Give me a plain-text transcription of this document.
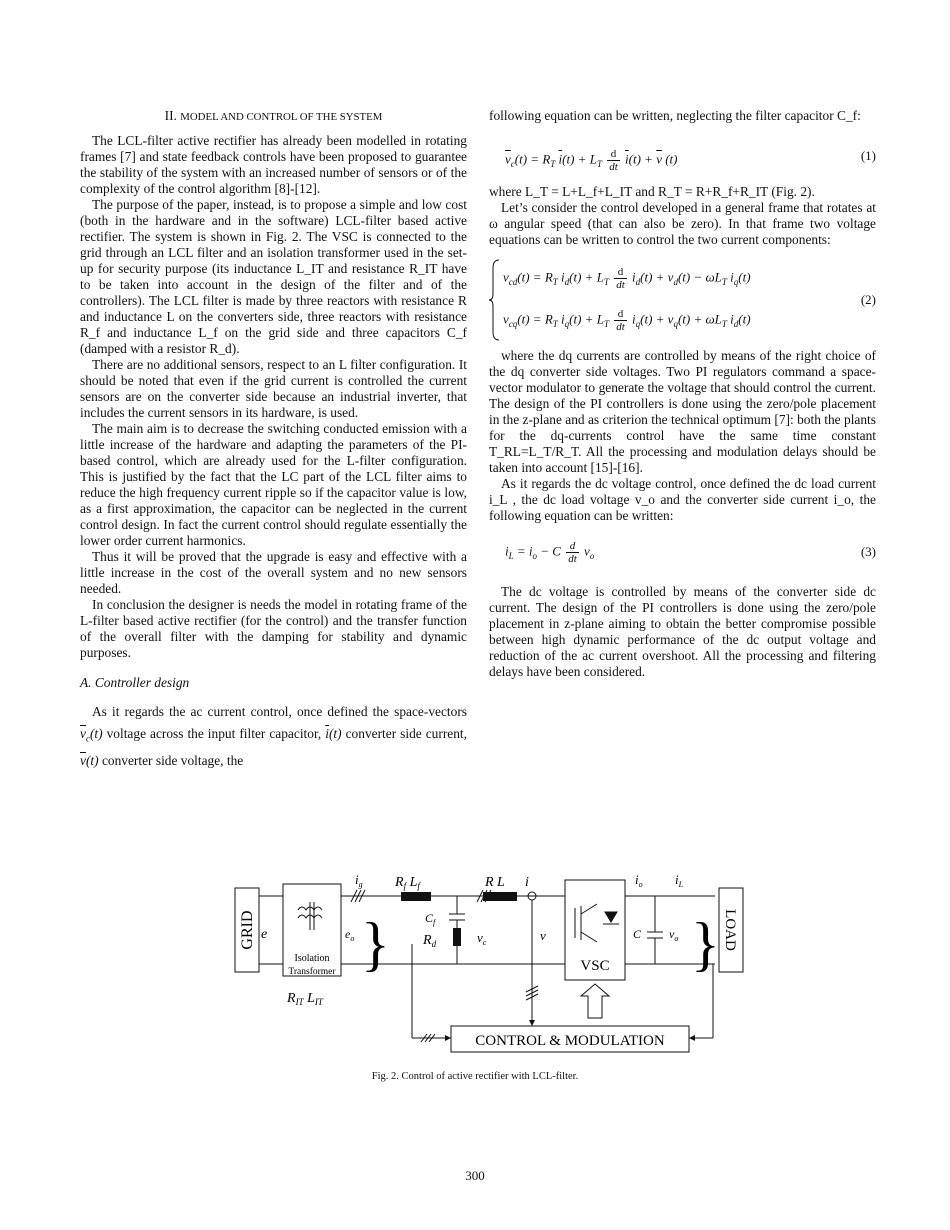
II. MODEL AND CONTROL OF THE SYSTEM

The LCL-filter active rectifier has already been modelled in rotating frames [7] and state feedback controls have been proposed to guarantee the stability of the system with an increased number of sensors or of the complexity of the control algorithm [8]-[12].

The purpose of the paper, instead, is to propose a simple and low cost (both in the hardware and in the software) LCL-filter based active rectifier. The system is shown in Fig. 2. The VSC is connected to the grid through an LCL filter and an isolation transformer used in the set-up for security purpose (its inductance L_IT and resistance R_IT have to be taken into account in the design of the filter and of the controllers). The LCL filter is made by three reactors with resistance R and inductance L on the converters side, three reactors with resistance R_f and inductance L_f on the grid side and three capacitors C_f (damped with a resistor R_d).

There are no additional sensors, respect to an L filter configuration. It should be noted that even if the grid current is controlled the current sensors are on the converter side because an industrial inverter, that includes the current sensors in its hardware, is used.

The main aim is to decrease the switching conducted emission with a little increase of the hardware and adapting the parameters of the PI-based control, which are already used for the L-filter configuration. This is justified by the fact that the LC part of the LCL filter aims to reduce the high frequency current ripple so if the capacitor value is low, as a first approximation, the capacitor can be neglected in the current control design. In fact the current control should regulate essentially the lower order current harmonics.

Thus it will be proved that the upgrade is easy and effective with a little increase in the cost of the overall system and no new sensors needed.

In conclusion the designer is needs the model in rotating frame of the L-filter based active rectifier (for the control) and the transfer function of the overall filter with the damping for stability and dynamic purposes.

A. Controller design

As it regards the ac current control, once defined the space-vectors $\overline{v}_c(t)$ voltage across the input filter capacitor, $\overline{i}(t)$ converter side current, $\overline{v}(t)$ converter side voltage, the

following equation can be written, neglecting the filter capacitor C_f:

$\overline{v}_c(t) = R_T$ $\overline{i}(t) + L_T \frac{d}{dt} \overline{i}(t) + \overline{v}$ (t)	(1)

where L_T = L+L_f+L_IT and R_T = R+R_f+R_IT (Fig. 2).

Let’s consider the control developed in a general frame that rotates at ω angular speed (that can also be zero). In that frame two voltage equations can be written to control the two current components:

$v_{cd}(t) = R_T$ $i_d(t) + L_T \frac{d}{dt} i_d(t) + v_d(t) - \omega L_T$ $i_q(t)$
$v_{cq}(t) = R_T$ $i_q(t) + L_T \frac{d}{dt} i_q(t) + v_q(t) + \omega L_T$ $i_d(t)$
(2)

where the dq currents are controlled by means of the right choice of the dq converter side voltages. Two PI regulators command a space-vector modulator to generate the voltage that should control the current. The design of the PI controllers is done using the zero/pole placement in the z-plane and as criterion the technical optimum [7]: both the plants for the dq-currents control have the same time constant T_RL=L_T/R_T. All the processing and modulation delays should be taken into account [15]-[16].

As it regards the dc voltage control, once defined the dc load current i_L , the dc load voltage v_o and the converter side current i_o, the following equation can be written:

$i_L = i_o - C \frac{d}{dt} v_o$	(3)

The dc voltage is controlled by means of the converter side dc current. The design of the PI controllers is done using the zero/pole placement in z-plane aiming to obtain the better compromise possible between high dynamic performance of the dc output voltage and reduction of the ac current overshoot. All the processing and filtering delays have been considered.

GRID
Isolation
Transformer
e	$e_o$
$R_f$ $L_f$
$i_g$	R L i
$C_f$
$R_d$	$v_c$
}	v
VSC
C $v_o$
$i_o$ $i_L$
} LOAD
$R_{IT}$ $L_{IT}$
CONTROL & MODULATION
Fig. 2. Control of active rectifier with LCL-filter.
300
